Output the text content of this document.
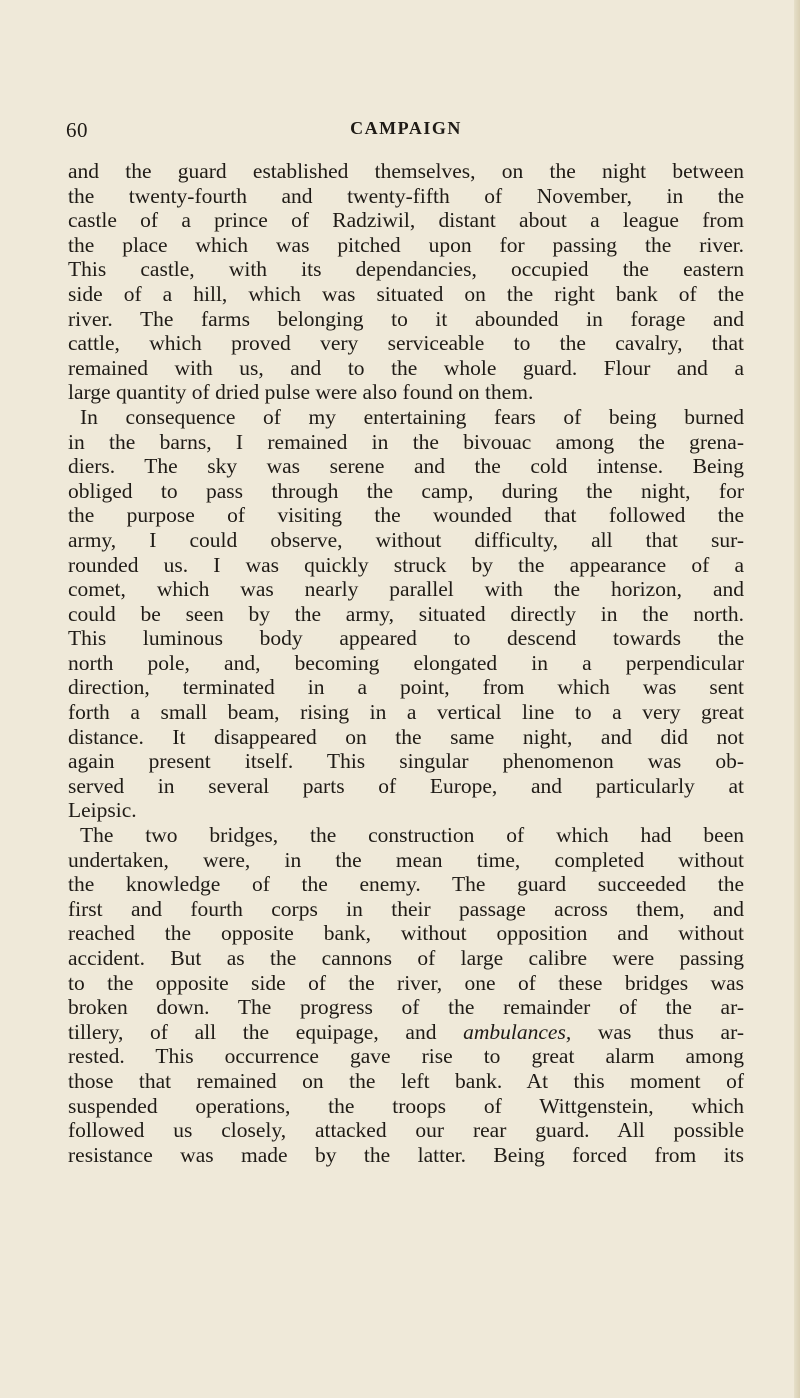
60	CAMPAIGN
and the guard established themselves, on the night between
the twenty-fourth and twenty-fifth of November, in the
castle of a prince of Radziwil, distant about a league from
the place which was pitched upon for passing the river.
This castle, with its dependancies, occupied the eastern
side of a hill, which was situated on the right bank of the
river. The farms belonging to it abounded in forage and
cattle, which proved very serviceable to the cavalry, that
remained with us, and to the whole guard. Flour and a
large quantity of dried pulse were also found on them.
In consequence of my entertaining fears of being burned
in the barns, I remained in the bivouac among the grena-
diers. The sky was serene and the cold intense. Being
obliged to pass through the camp, during the night, for
the purpose of visiting the wounded that followed the
army, I could observe, without difficulty, all that sur-
rounded us. I was quickly struck by the appearance of a
comet, which was nearly parallel with the horizon, and
could be seen by the army, situated directly in the north.
This luminous body appeared to descend towards the
north pole, and, becoming elongated in a perpendicular
direction, terminated in a point, from which was sent
forth a small beam, rising in a vertical line to a very great
distance. It disappeared on the same night, and did not
again present itself. This singular phenomenon was ob-
served in several parts of Europe, and particularly at
Leipsic.
The two bridges, the construction of which had been
undertaken, were, in the mean time, completed without
the knowledge of the enemy. The guard succeeded the
first and fourth corps in their passage across them, and
reached the opposite bank, without opposition and without
accident. But as the cannons of large calibre were passing
to the opposite side of the river, one of these bridges was
broken down. The progress of the remainder of the ar-
tillery, of all the equipage, and ambulances, was thus ar-
rested. This occurrence gave rise to great alarm among
those that remained on the left bank. At this moment of
suspended operations, the troops of Wittgenstein, which
followed us closely, attacked our rear guard. All possible
resistance was made by the latter. Being forced from its
